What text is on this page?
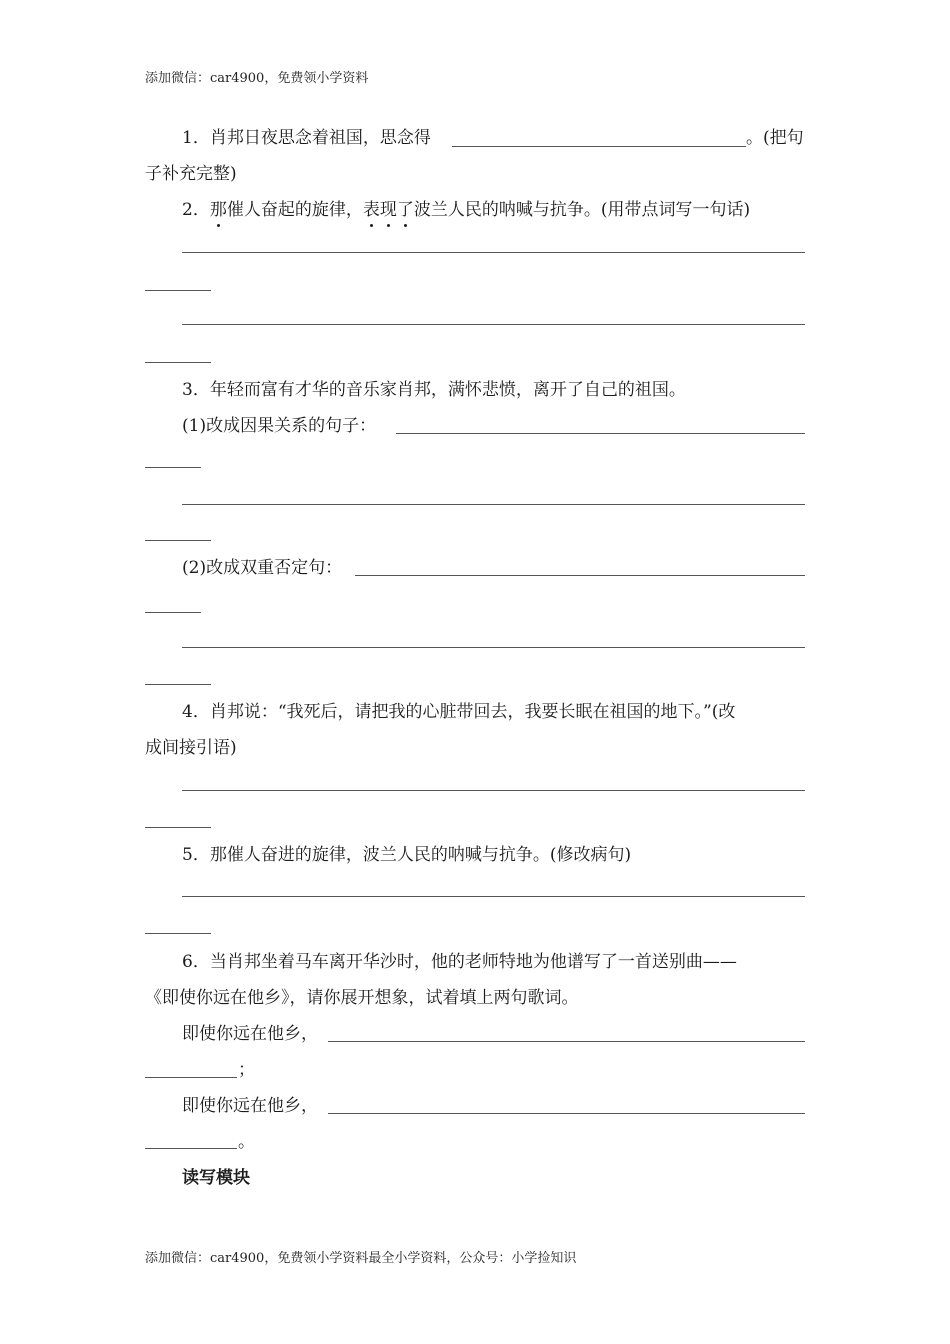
添加微信：car4900，免费领小学资料
1．肖邦日夜思念着祖国，思念得	。(把句
子补充完整)
2．那催人奋起的旋律，表现了波兰人民的呐喊与抗争。(用带点词写一句话)
3．年轻而富有才华的音乐家肖邦，满怀悲愤，离开了自己的祖国。
(1)改成因果关系的句子：
(2)改成双重否定句：
4．肖邦说：“我死后，请把我的心脏带回去，我要长眠在祖国的地下。”(改
成间接引语)
5．那催人奋进的旋律，波兰人民的呐喊与抗争。(修改病句)
6．当肖邦坐着马车离开华沙时，他的老师特地为他谱写了一首送别曲——
《即使你远在他乡》，请你展开想象，试着填上两句歌词。
即使你远在他乡，
；
即使你远在他乡，
。
读写模块
添加微信：car4900，免费领小学资料最全小学资料，公众号：小学捡知识
